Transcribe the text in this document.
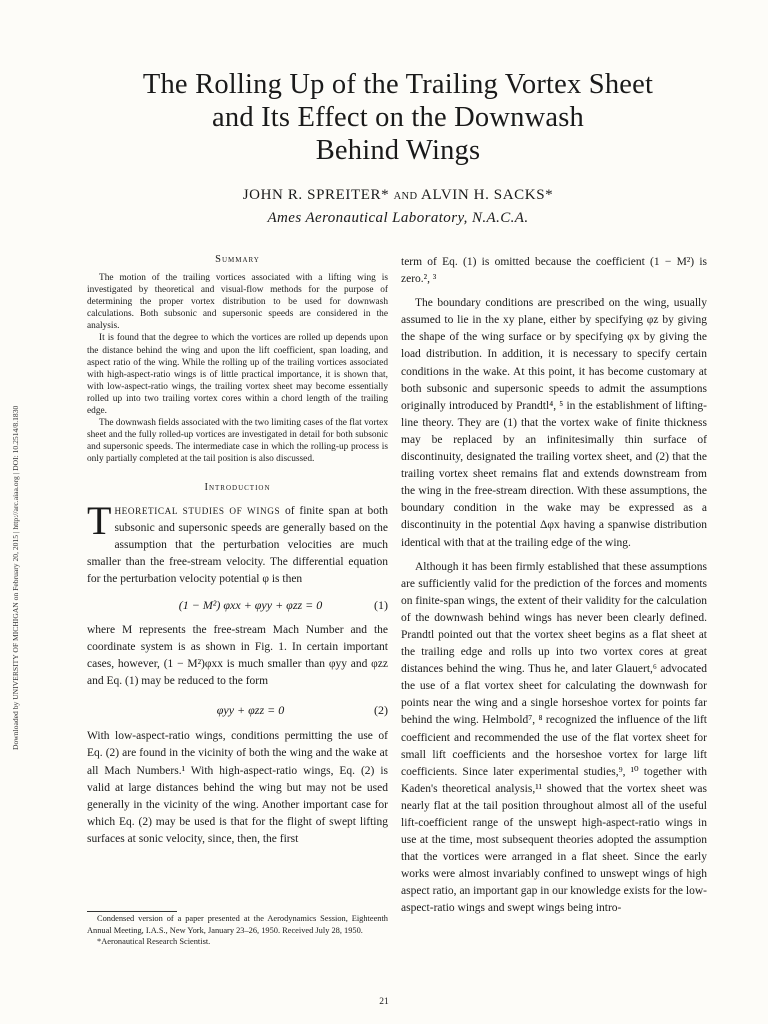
Downloaded by UNIVERSITY OF MICHIGAN on February 20, 2015 | http://arc.aiaa.org | DOI: 10.2514/8.1830
The Rolling Up of the Trailing Vortex Sheet
and Its Effect on the Downwash
Behind Wings
JOHN R. SPREITER* AND ALVIN H. SACKS*
Ames Aeronautical Laboratory, N.A.C.A.
Summary

The motion of the trailing vortices associated with a lifting wing is investigated by theoretical and visual-flow methods for the purpose of determining the proper vortex distribution to be used for downwash calculations. Both subsonic and supersonic speeds are considered in the analysis.

It is found that the degree to which the vortices are rolled up depends upon the distance behind the wing and upon the lift coefficient, span loading, and aspect ratio of the wing. While the rolling up of the trailing vortices associated with high-aspect-ratio wings is of little practical importance, it is shown that, with low-aspect-ratio wings, the trailing vortex sheet may become essentially rolled up into two trailing vortex cores within a chord length of the trailing edge.

The downwash fields associated with the two limiting cases of the flat vortex sheet and the fully rolled-up vortices are investigated in detail for both subsonic and supersonic speeds. The intermediate case in which the rolling-up process is only partially completed at the tail position is also discussed.

Introduction

THEORETICAL STUDIES OF WINGS of finite span at both subsonic and supersonic speeds are generally based on the assumption that the perturbation velocities are much smaller than the free-stream velocity. The differential equation for the perturbation velocity potential φ is then

(1 − M²) φxx + φyy + φzz = 0	(1)

where M represents the free-stream Mach Number and the coordinate system is as shown in Fig. 1. In certain important cases, however, (1 − M²)φxx is much smaller than φyy and φzz and Eq. (1) may be reduced to the form

φyy + φzz = 0	(2)

With low-aspect-ratio wings, conditions permitting the use of Eq. (2) are found in the vicinity of both the wing and the wake at all Mach Numbers.¹ With high-aspect-ratio wings, Eq. (2) is valid at large distances behind the wing but may not be used generally in the vicinity of the wing. Another important case for which Eq. (2) may be used is that for the flight of swept lifting surfaces at sonic velocity, since, then, the first

Condensed version of a paper presented at the Aerodynamics Session, Eighteenth Annual Meeting, I.A.S., New York, January 23–26, 1950. Received July 28, 1950.

*Aeronautical Research Scientist.

term of Eq. (1) is omitted because the coefficient (1 − M²) is zero.², ³

The boundary conditions are prescribed on the wing, usually assumed to lie in the xy plane, either by specifying φz by giving the shape of the wing surface or by specifying φx by giving the load distribution. In addition, it is necessary to specify certain conditions in the wake. At this point, it has become customary at both subsonic and supersonic speeds to admit the assumptions originally introduced by Prandtl⁴, ⁵ in the establishment of lifting-line theory. They are (1) that the vortex wake of finite thickness may be replaced by an infinitesimally thin surface of discontinuity, designated the trailing vortex sheet, and (2) that the trailing vortex sheet remains flat and extends downstream from the wing in the free-stream direction. With these assumptions, the boundary condition in the wake may be expressed as a discontinuity in the potential Δφx having a spanwise distribution identical with that at the trailing edge of the wing.

Although it has been firmly established that these assumptions are sufficiently valid for the prediction of the forces and moments on finite-span wings, the extent of their validity for the calculation of the downwash behind wings has never been clearly defined. Prandtl pointed out that the vortex sheet begins as a flat sheet at the trailing edge and rolls up into two vortex cores at great distances behind the wing. Thus he, and later Glauert,⁶ advocated the use of a flat vortex sheet for calculating the downwash for points near the wing and a single horseshoe vortex for points far behind the wing. Helmbold⁷, ⁸ recognized the influence of the lift coefficient and recommended the use of the flat vortex sheet for small lift coefficients and the horseshoe vortex for large lift coefficients. Since later experimental studies,⁹, ¹⁰ together with Kaden's theoretical analysis,¹¹ showed that the vortex sheet was nearly flat at the tail position throughout almost all of the useful lift-coefficient range of the unswept high-aspect-ratio wings in use at the time, most subsequent theories adopted the assumption that the vortices were arranged in a flat sheet. Since the early works were almost invariably confined to unswept wings of high aspect ratio, an important gap in our knowledge exists for the low-aspect-ratio wings and swept wings being intro-

21
